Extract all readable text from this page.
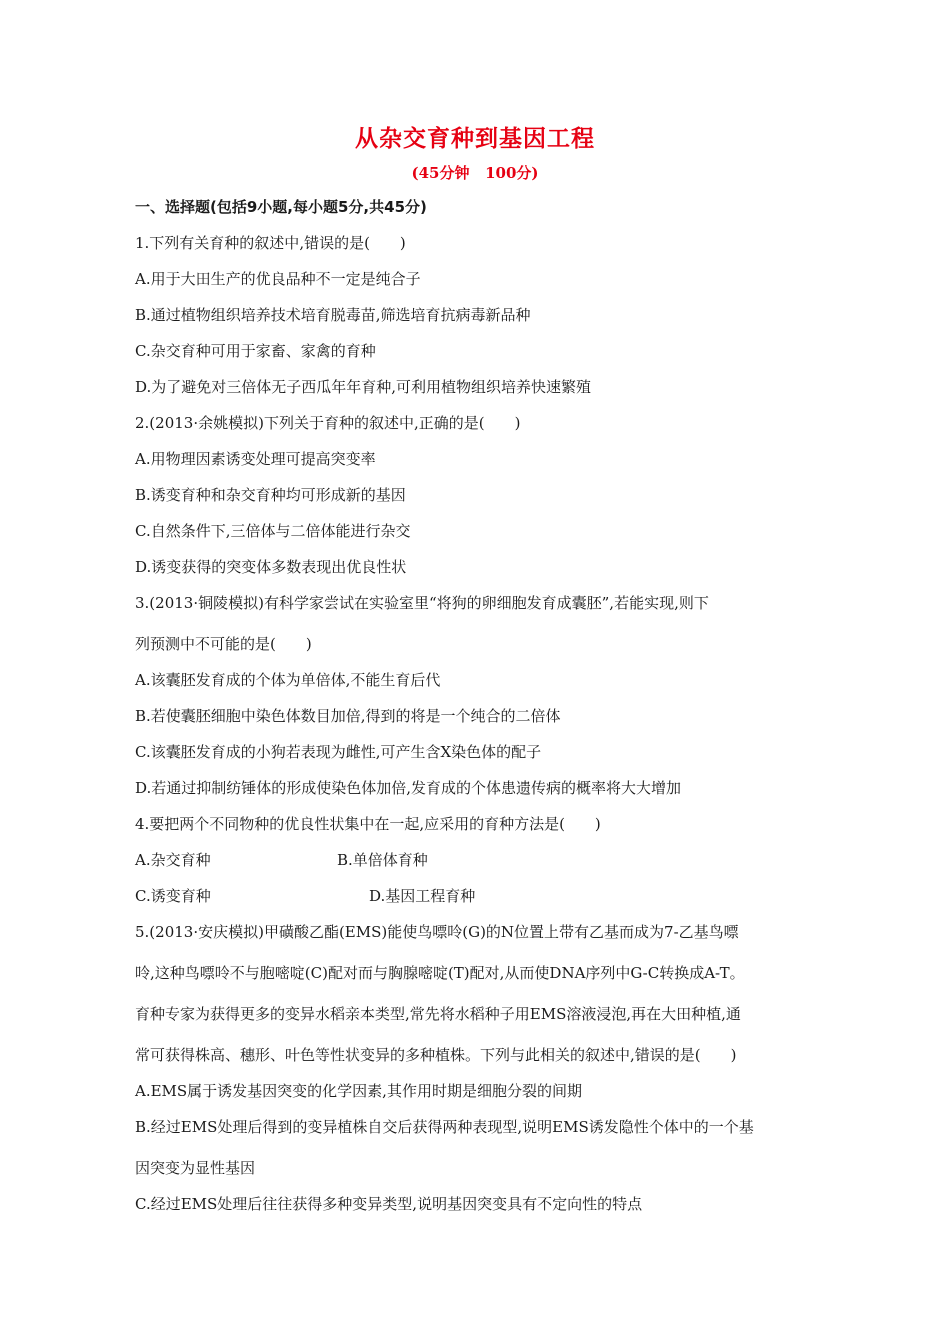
从杂交育种到基因工程
(45分钟   100分)
一、选择题(包括9小题,每小题5分,共45分)
1.下列有关育种的叙述中,错误的是(　　)
A.用于大田生产的优良品种不一定是纯合子
B.通过植物组织培养技术培育脱毒苗,筛选培育抗病毒新品种
C.杂交育种可用于家畜、家禽的育种
D.为了避免对三倍体无子西瓜年年育种,可利用植物组织培养快速繁殖
2.(2013·余姚模拟)下列关于育种的叙述中,正确的是(　　)
A.用物理因素诱变处理可提高突变率
B.诱变育种和杂交育种均可形成新的基因
C.自然条件下,三倍体与二倍体能进行杂交
D.诱变获得的突变体多数表现出优良性状
3.(2013·铜陵模拟)有科学家尝试在实验室里“将狗的卵细胞发育成囊胚”,若能实现,则下
列预测中不可能的是(　　)
A.该囊胚发育成的个体为单倍体,不能生育后代
B.若使囊胚细胞中染色体数目加倍,得到的将是一个纯合的二倍体
C.该囊胚发育成的小狗若表现为雌性,可产生含X染色体的配子
D.若通过抑制纺锤体的形成使染色体加倍,发育成的个体患遗传病的概率将大大增加
4.要把两个不同物种的优良性状集中在一起,应采用的育种方法是(　　)
A.杂交育种	B.单倍体育种
C.诱变育种	D.基因工程育种
5.(2013·安庆模拟)甲磺酸乙酯(EMS)能使鸟嘌呤(G)的N位置上带有乙基而成为7-乙基鸟嘌
呤,这种鸟嘌呤不与胞嘧啶(C)配对而与胸腺嘧啶(T)配对,从而使DNA序列中G-C转换成A-T。
育种专家为获得更多的变异水稻亲本类型,常先将水稻种子用EMS溶液浸泡,再在大田种植,通
常可获得株高、穗形、叶色等性状变异的多种植株。下列与此相关的叙述中,错误的是(　　)
A.EMS属于诱发基因突变的化学因素,其作用时期是细胞分裂的间期
B.经过EMS处理后得到的变异植株自交后获得两种表现型,说明EMS诱发隐性个体中的一个基
因突变为显性基因
C.经过EMS处理后往往获得多种变异类型,说明基因突变具有不定向性的特点
